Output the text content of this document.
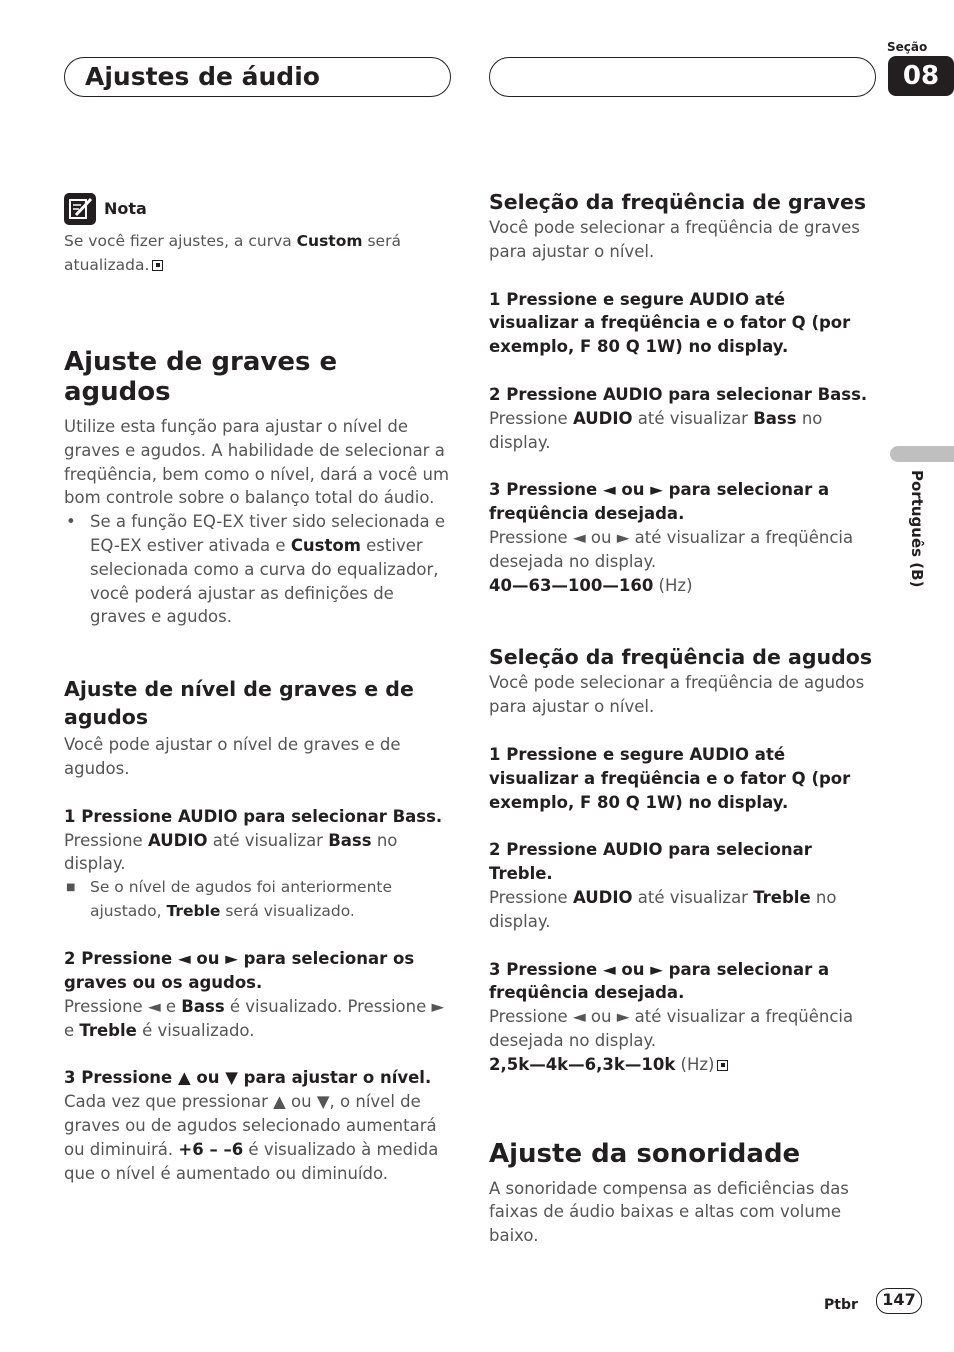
Ajustes de áudio
Seção
08
Português (B)
Nota

Se você fizer ajustes, a curva Custom será atualizada.

Ajuste de graves e agudos

Utilize esta função para ajustar o nível de graves e agudos. A habilidade de selecionar a freqüência, bem como o nível, dará a você um bom controle sobre o balanço total do áudio.

• Se a função EQ-EX tiver sido selecionada e EQ-EX estiver ativada e Custom estiver selecionada como a curva do equalizador, você poderá ajustar as definições de graves e agudos.

Ajuste de nível de graves e de agudos

Você pode ajustar o nível de graves e de agudos.

1 Pressione AUDIO para selecionar Bass.

Pressione AUDIO até visualizar Bass no display.

■ Se o nível de agudos foi anteriormente ajustado, Treble será visualizado.

2 Pressione ◄ ou ► para selecionar os graves ou os agudos.

Pressione ◄ e Bass é visualizado. Pressione ► e Treble é visualizado.

3 Pressione ▲ ou ▼ para ajustar o nível.

Cada vez que pressionar ▲ ou ▼, o nível de graves ou de agudos selecionado aumentará ou diminuirá. +6 – –6 é visualizado à medida que o nível é aumentado ou diminuído.

Seleção da freqüência de graves

Você pode selecionar a freqüência de graves para ajustar o nível.

1 Pressione e segure AUDIO até visualizar a freqüência e o fator Q (por exemplo, F 80 Q 1W) no display.

2 Pressione AUDIO para selecionar Bass.

Pressione AUDIO até visualizar Bass no display.

3 Pressione ◄ ou ► para selecionar a freqüência desejada.

Pressione ◄ ou ► até visualizar a freqüência desejada no display.

40—63—100—160 (Hz)

Seleção da freqüência de agudos

Você pode selecionar a freqüência de agudos para ajustar o nível.

1 Pressione e segure AUDIO até visualizar a freqüência e o fator Q (por exemplo, F 80 Q 1W) no display.

2 Pressione AUDIO para selecionar Treble.

Pressione AUDIO até visualizar Treble no display.

3 Pressione ◄ ou ► para selecionar a freqüência desejada.

Pressione ◄ ou ► até visualizar a freqüência desejada no display.

2,5k—4k—6,3k—10k (Hz)

Ajuste da sonoridade

A sonoridade compensa as deficiências das faixas de áudio baixas e altas com volume baixo.

Ptbr	147
